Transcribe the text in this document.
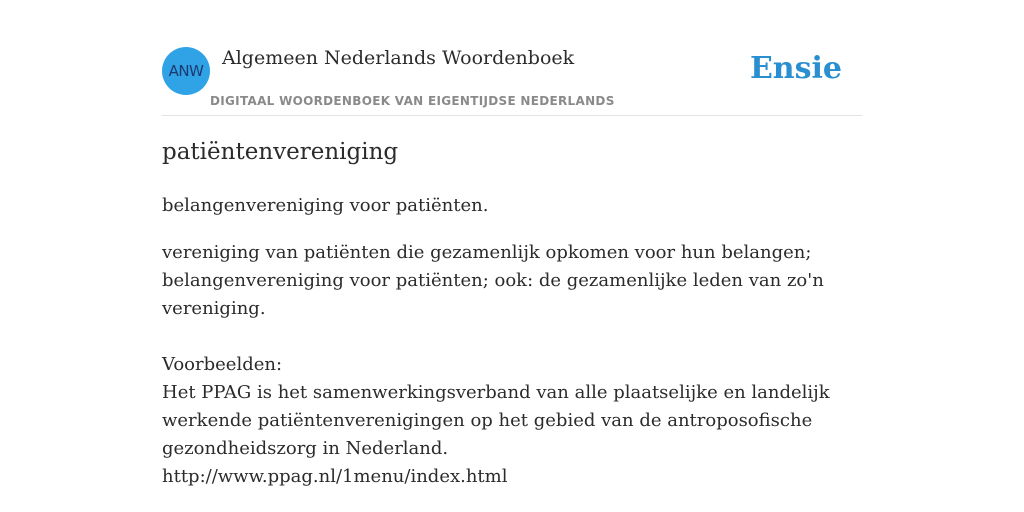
ANW
Algemeen Nederlands Woordenboek
DIGITAAL WOORDENBOEK VAN EIGENTIJDSE NEDERLANDS
Ensie
patiëntenvereniging

belangenvereniging voor patiënten.

vereniging van patiënten die gezamenlijk opkomen voor hun belangen; belangenvereniging voor patiënten; ook: de gezamenlijke leden van zo'n vereniging.

Voorbeelden:

Het PPAG is het samenwerkingsverband van alle plaatselijke en landelijk werkende patiëntenverenigingen op het gebied van de antroposofische gezondheidszorg in Nederland.

http://www.ppag.nl/1menu/index.html
